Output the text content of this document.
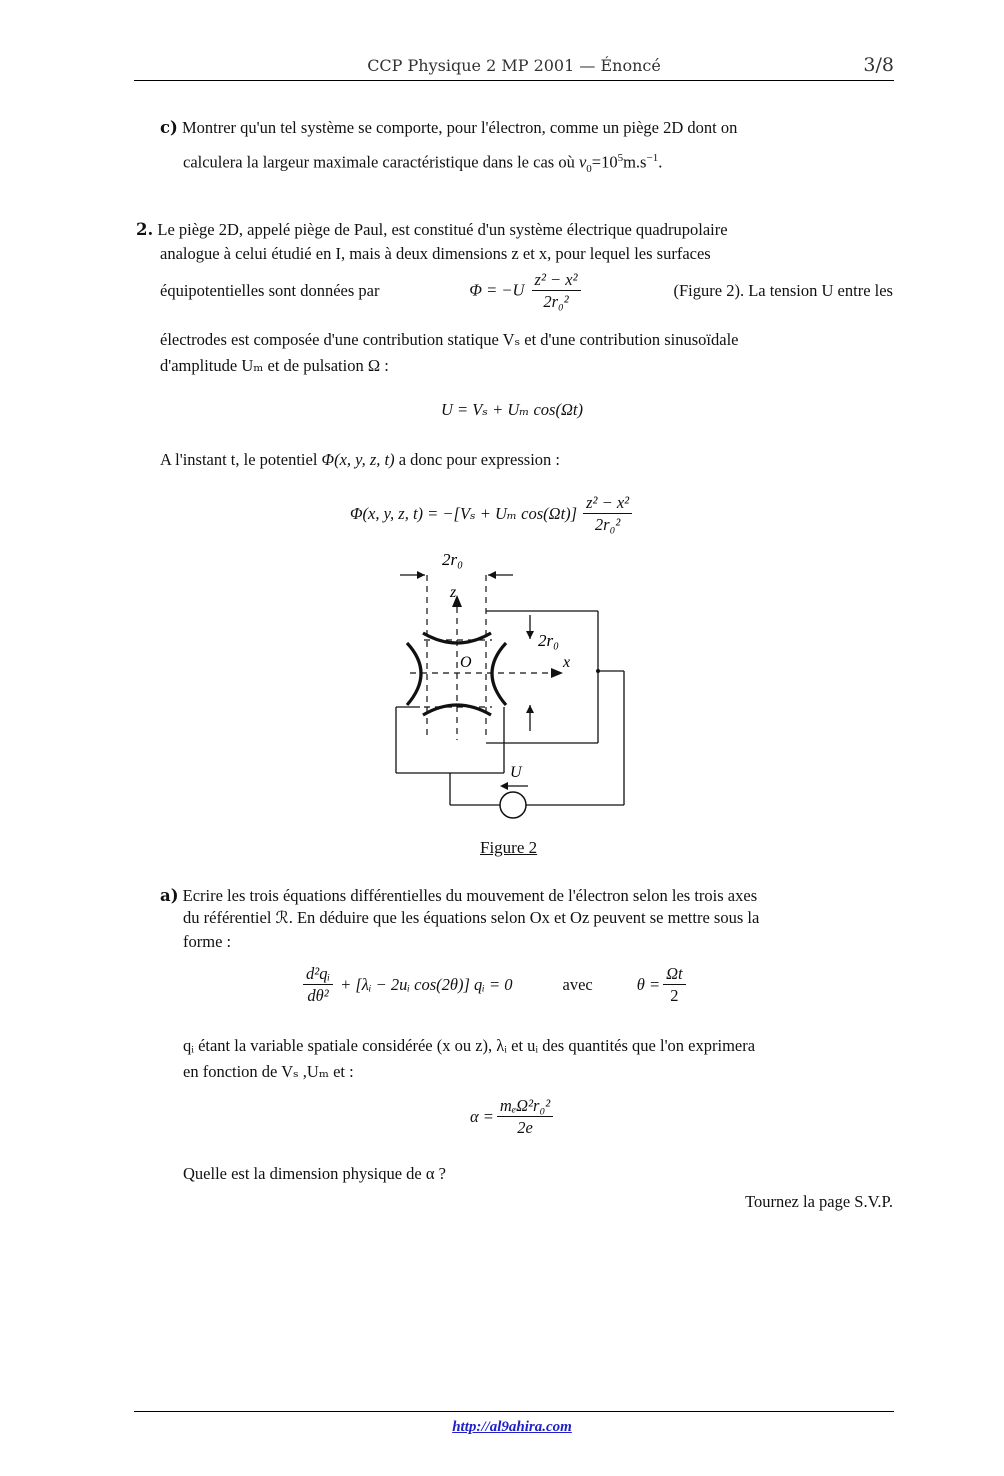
CCP Physique 2 MP 2001 — Énoncé	3/8
c) Montrer qu'un tel système se comporte, pour l'électron, comme un piège 2D dont on
calculera la largeur maximale caractéristique dans le cas où $v_0=10^5m.s^{-1}$.
2. Le piège 2D, appelé piège de Paul, est constitué d'un système électrique quadrupolaire
analogue à celui étudié en I, mais à deux dimensions z et x, pour lequel les surfaces
équipotentielles sont données par	$\Phi = -U \frac{\text{z² − x²}}{\text{2r₀²}}$	(Figure 2). La tension U entre les
électrodes est composée d'une contribution statique Vₛ et d'une contribution sinusoïdale
d'amplitude Uₘ et de pulsation Ω :
U = Vₛ + Uₘ cos(Ωt)
A l'instant t, le potentiel Φ(x, y, z, t) a donc pour expression :
Φ(x, y, z, t) = −[Vₛ + Uₘ $\cos(\Omega t)] \frac{\text{z² − x²}}{\text{2r₀²}}$
2r₀
z
x
O
2r₀
U
Figure 2
a) Ecrire les trois équations différentielles du mouvement de l'électron selon les trois axes
du référentiel ℛ. En déduire que les équations selon Ox et Oz peuvent se mettre sous la
forme :
$\frac{\text{d²qᵢ}}{\text{dθ²}}$ + [λᵢ − 2uᵢ cos(2θ)] qᵢ = 0	avec	$\theta = \frac{\Omega t}{2}$
qᵢ étant la variable spatiale considérée (x ou z), λᵢ et uᵢ des quantités que l'on exprimera
en fonction de Vₛ ,Uₘ et :
$\alpha = \frac{\text{mₑΩ²r₀²}}{2e}$
Quelle est la dimension physique de α ?
Tournez la page S.V.P.
http://al9ahira.com
